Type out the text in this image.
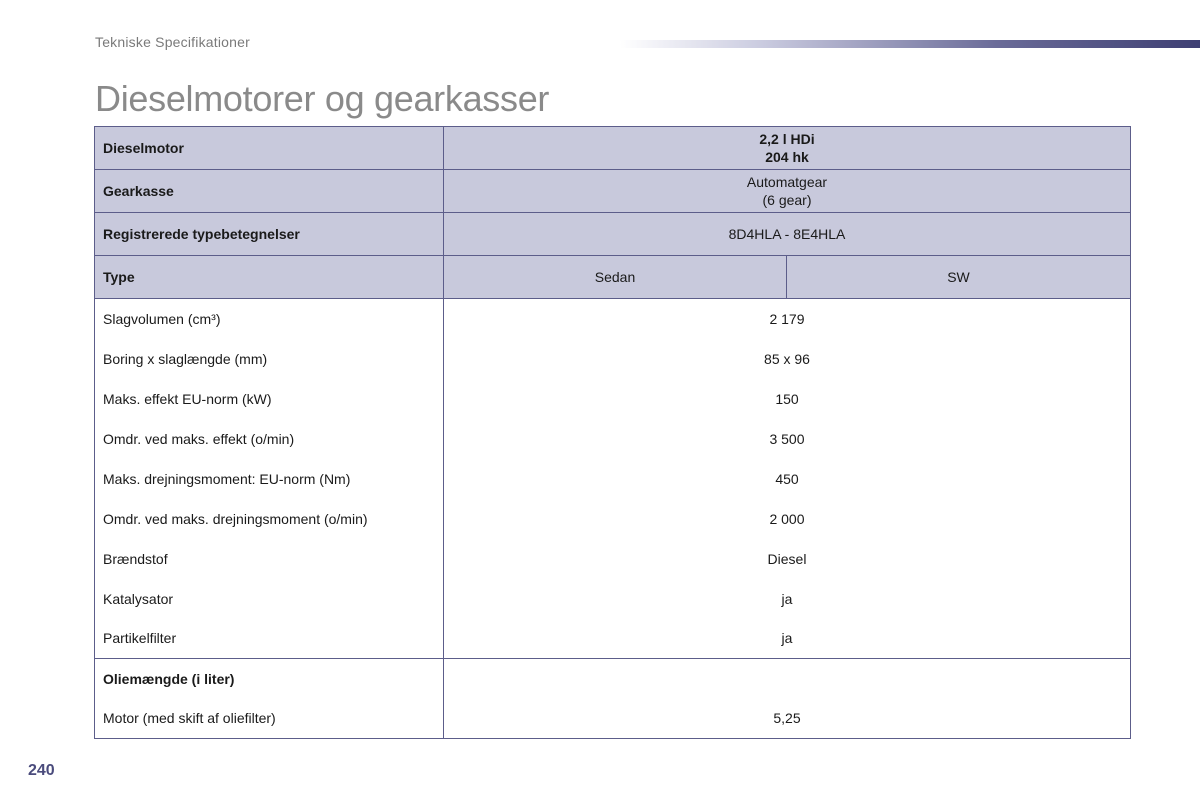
Tekniske Specifikationer
Dieselmotorer og gearkasser
Dieselmotor	2,2 l HDi
204 hk	

Gearkasse	Automatgear
(6 gear)	

Registrerede typebetegnelser	8D4HLA - 8E4HLA	
Type	Sedan	SW
Slagvolumen (cm³)	2 179	
Boring x slaglængde (mm)	85 x 96	
Maks. effekt EU-norm (kW)	150	
Omdr. ved maks. effekt (o/min)	3 500	
Maks. drejningsmoment: EU-norm (Nm)	450	
Omdr. ved maks. drejningsmoment (o/min)	2 000	
Brændstof	Diesel	
Katalysator	ja	
Partikelfilter	ja	
Oliemængde (i liter)		
Motor (med skift af oliefilter)	5,25	
240
